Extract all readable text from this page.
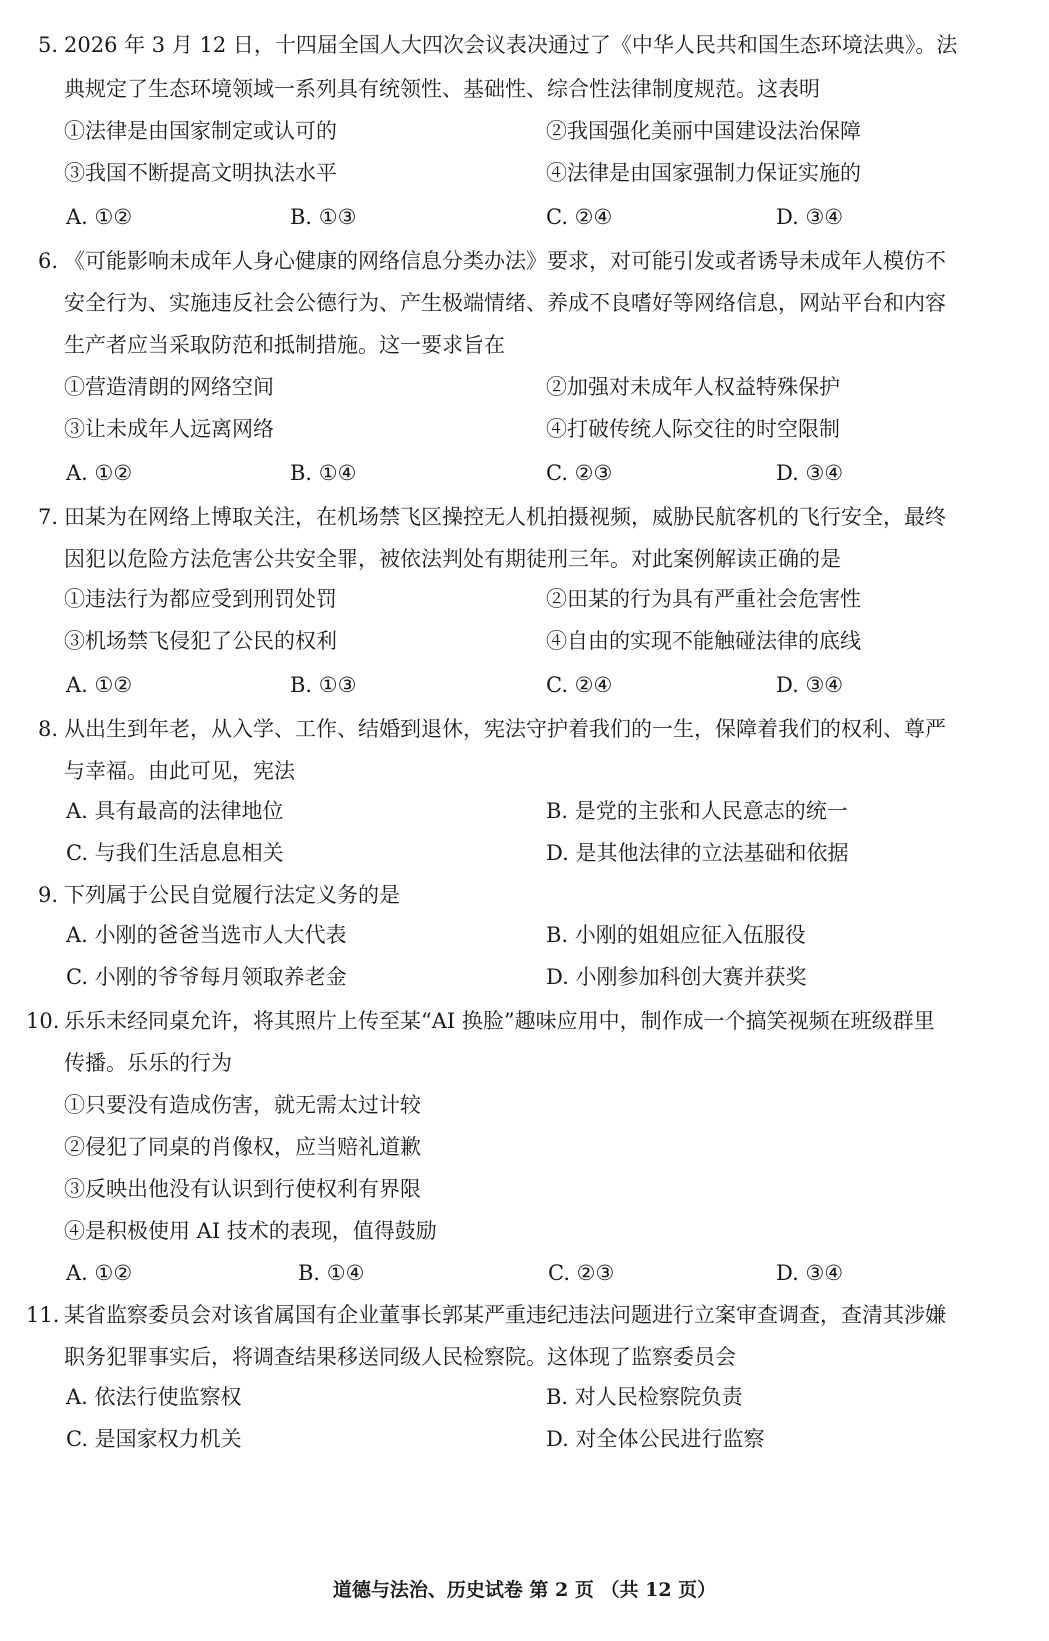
5. 2026 年 3 月 12 日，十四届全国人大四次会议表决通过了《中华人民共和国生态环境法典》。法
典规定了生态环境领域一系列具有统领性、基础性、综合性法律制度规范。这表明
①法律是由国家制定或认可的	②我国强化美丽中国建设法治保障
③我国不断提高文明执法水平	④法律是由国家强制力保证实施的
A. ①②	B. ①③	C. ②④	D. ③④
6. 《可能影响未成年人身心健康的网络信息分类办法》要求，对可能引发或者诱导未成年人模仿不
安全行为、实施违反社会公德行为、产生极端情绪、养成不良嗜好等网络信息，网站平台和内容
生产者应当采取防范和抵制措施。这一要求旨在
①营造清朗的网络空间	②加强对未成年人权益特殊保护
③让未成年人远离网络	④打破传统人际交往的时空限制
A. ①②	B. ①④	C. ②③	D. ③④
7. 田某为在网络上博取关注，在机场禁飞区操控无人机拍摄视频，威胁民航客机的飞行安全，最终
因犯以危险方法危害公共安全罪，被依法判处有期徒刑三年。对此案例解读正确的是
①违法行为都应受到刑罚处罚	②田某的行为具有严重社会危害性
③机场禁飞侵犯了公民的权利	④自由的实现不能触碰法律的底线
A. ①②	B. ①③	C. ②④	D. ③④
8. 从出生到年老，从入学、工作、结婚到退休，宪法守护着我们的一生，保障着我们的权利、尊严
与幸福。由此可见，宪法
A. 具有最高的法律地位	B. 是党的主张和人民意志的统一
C. 与我们生活息息相关	D. 是其他法律的立法基础和依据
9. 下列属于公民自觉履行法定义务的是
A. 小刚的爸爸当选市人大代表	B. 小刚的姐姐应征入伍服役
C. 小刚的爷爷每月领取养老金	D. 小刚参加科创大赛并获奖
10. 乐乐未经同桌允许，将其照片上传至某“AI 换脸”趣味应用中，制作成一个搞笑视频在班级群里
传播。乐乐的行为
①只要没有造成伤害，就无需太过计较
②侵犯了同桌的肖像权，应当赔礼道歉
③反映出他没有认识到行使权利有界限
④是积极使用 AI 技术的表现，值得鼓励
A. ①②	B. ①④	C. ②③	D. ③④
11. 某省监察委员会对该省属国有企业董事长郭某严重违纪违法问题进行立案审查调查，查清其涉嫌
职务犯罪事实后，将调查结果移送同级人民检察院。这体现了监察委员会
A. 依法行使监察权	B. 对人民检察院负责
C. 是国家权力机关	D. 对全体公民进行监察
道德与法治、历史试卷 第 2 页 （共 12 页）
